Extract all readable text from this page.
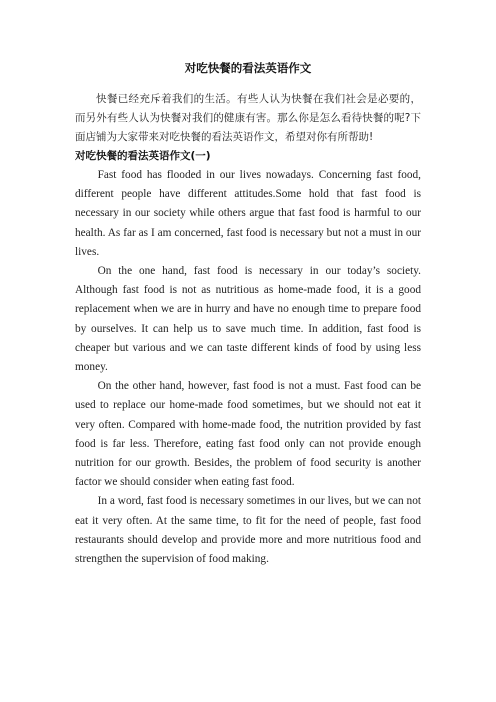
对吃快餐的看法英语作文

快餐已经充斥着我们的生活。有些人认为快餐在我们社会是必要的，而另外有些人认为快餐对我们的健康有害。那么你是怎么看待快餐的呢?下面店铺为大家带来对吃快餐的看法英语作文，希望对你有所帮助!

对吃快餐的看法英语作文(一)

Fast food has flooded in our lives nowadays. Concerning fast food, different people have different attitudes.Some hold that fast food is necessary in our society while others argue that fast food is harmful to our health. As far as I am concerned, fast food is necessary but not a must in our lives.

On the one hand, fast food is necessary in our today’s society. Although fast food is not as nutritious as home-made food, it is a good replacement when we are in hurry and have no enough time to prepare food by ourselves. It can help us to save much time. In addition, fast food is cheaper but various and we can taste different kinds of food by using less money.

On the other hand, however, fast food is not a must. Fast food can be used to replace our home-made food sometimes, but we should not eat it very often. Compared with home-made food, the nutrition provided by fast food is far less. Therefore, eating fast food only can not provide enough nutrition for our growth. Besides, the problem of food security is another factor we should consider when eating fast food.

In a word, fast food is necessary sometimes in our lives, but we can not eat it very often. At the same time, to fit for the need of people, fast food restaurants should develop and provide more and more nutritious food and strengthen the supervision of food making.
